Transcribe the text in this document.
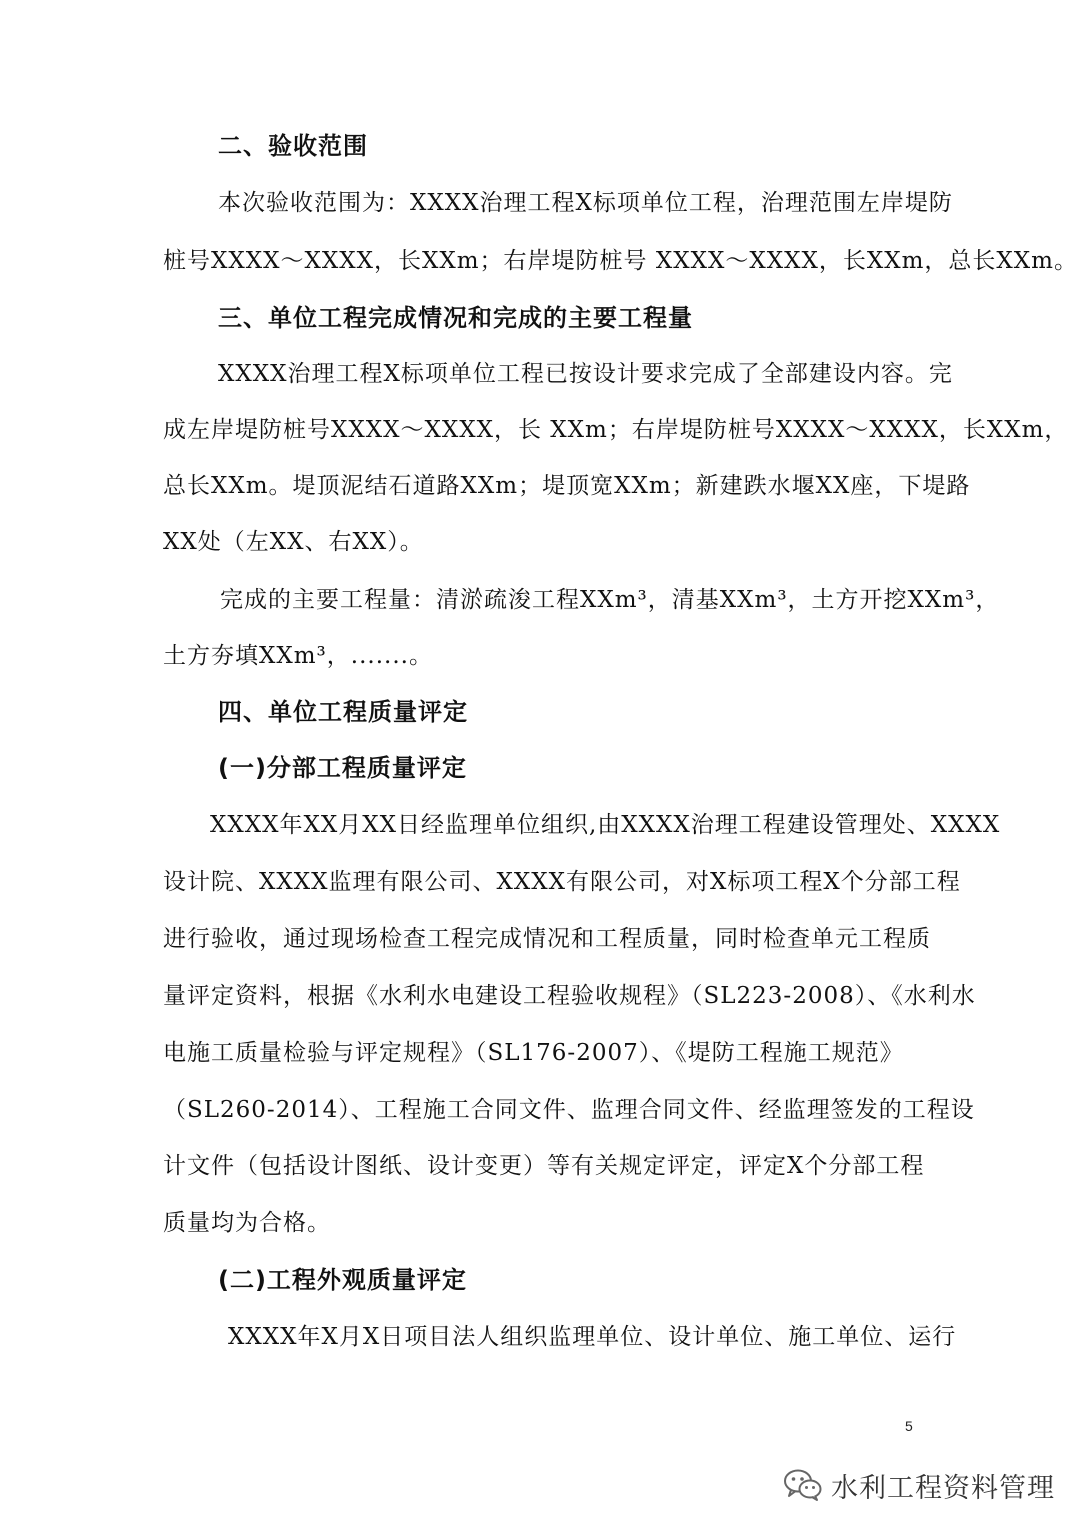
二、验收范围
本次验收范围为：XXXX治理工程X标项单位工程，治理范围左岸堤防
桩号XXXX～XXXX，长XXm；右岸堤防桩号 XXXX～XXXX，长XXm，总长XXm。
三、单位工程完成情况和完成的主要工程量
XXXX治理工程X标项单位工程已按设计要求完成了全部建设内容。完
成左岸堤防桩号XXXX～XXXX，长 XXm；右岸堤防桩号XXXX～XXXX，长XXm，
总长XXm。堤顶泥结石道路XXm；堤顶宽XXm；新建跌水堰XX座，下堤路
XX处（左XX、右XX）。
完成的主要工程量：清淤疏浚工程XXm³，清基XXm³，土方开挖XXm³，
土方夯填XXm³，.......。
四、单位工程质量评定
(一)分部工程质量评定
XXXX年XX月XX日经监理单位组织,由XXXX治理工程建设管理处、XXXX
设计院、XXXX监理有限公司、XXXX有限公司，对X标项工程X个分部工程
进行验收，通过现场检查工程完成情况和工程质量，同时检查单元工程质
量评定资料，根据《水利水电建设工程验收规程》（SL223-2008）、《水利水
电施工质量检验与评定规程》（SL176-2007）、《堤防工程施工规范》
（SL260-2014）、工程施工合同文件、监理合同文件、经监理签发的工程设
计文件（包括设计图纸、设计变更）等有关规定评定，评定X个分部工程
质量均为合格。
(二)工程外观质量评定
XXXX年X月X日项目法人组织监理单位、设计单位、施工单位、运行
5
水利工程资料管理
